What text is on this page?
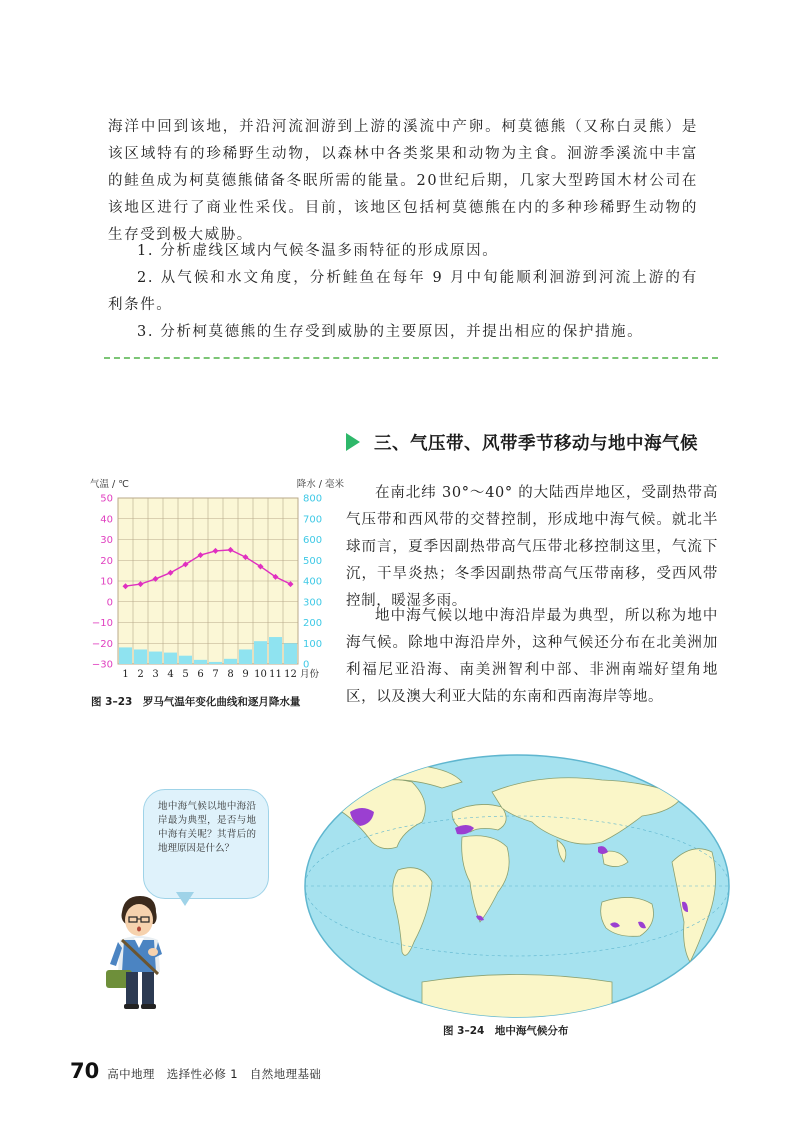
海洋中回到该地，并沿河流洄游到上游的溪流中产卵。柯莫德熊（又称白灵熊）是该区域特有的珍稀野生动物，以森林中各类浆果和动物为主食。洄游季溪流中丰富的鲑鱼成为柯莫德熊储备冬眠所需的能量。20世纪后期，几家大型跨国木材公司在该地区进行了商业性采伐。目前，该地区包括柯莫德熊在内的多种珍稀野生动物的生存受到极大威胁。

1. 分析虚线区域内气候冬温多雨特征的形成原因。

2. 从气候和水文角度，分析鲑鱼在每年 9 月中旬能顺利洄游到河流上游的有利条件。

3. 分析柯莫德熊的生存受到威胁的主要原因，并提出相应的保护措施。

三、气压带、风带季节移动与地中海气候

在南北纬 30°～40° 的大陆西岸地区，受副热带高气压带和西风带的交替控制，形成地中海气候。就北半球而言，夏季因副热带高气压带北移控制这里，气流下沉，干旱炎热；冬季因副热带高气压带南移，受西风带控制，暖湿多雨。

地中海气候以地中海沿岸最为典型，所以称为地中海气候。除地中海沿岸外，这种气候还分布在北美洲加利福尼亚沿海、南美洲智利中部、非洲南端好望角地区，以及澳大利亚大陆的东南和西南海岸等地。

气温 / ℃	降水 / 毫米
50	800
40	700
30	600
20	500
10	400
0	300
−10	200
−20	100
−30	0
1 2 3 4 5 6 7 8 9 10 11 12 月份
图 3–23　罗马气温年变化曲线和逐月降水量
地中海气候以地中海沿岸最为典型，是否与地中海有关呢？其背后的地理原因是什么？
图 3–24　地中海气候分布
70 高中地理　选择性必修 1　自然地理基础
